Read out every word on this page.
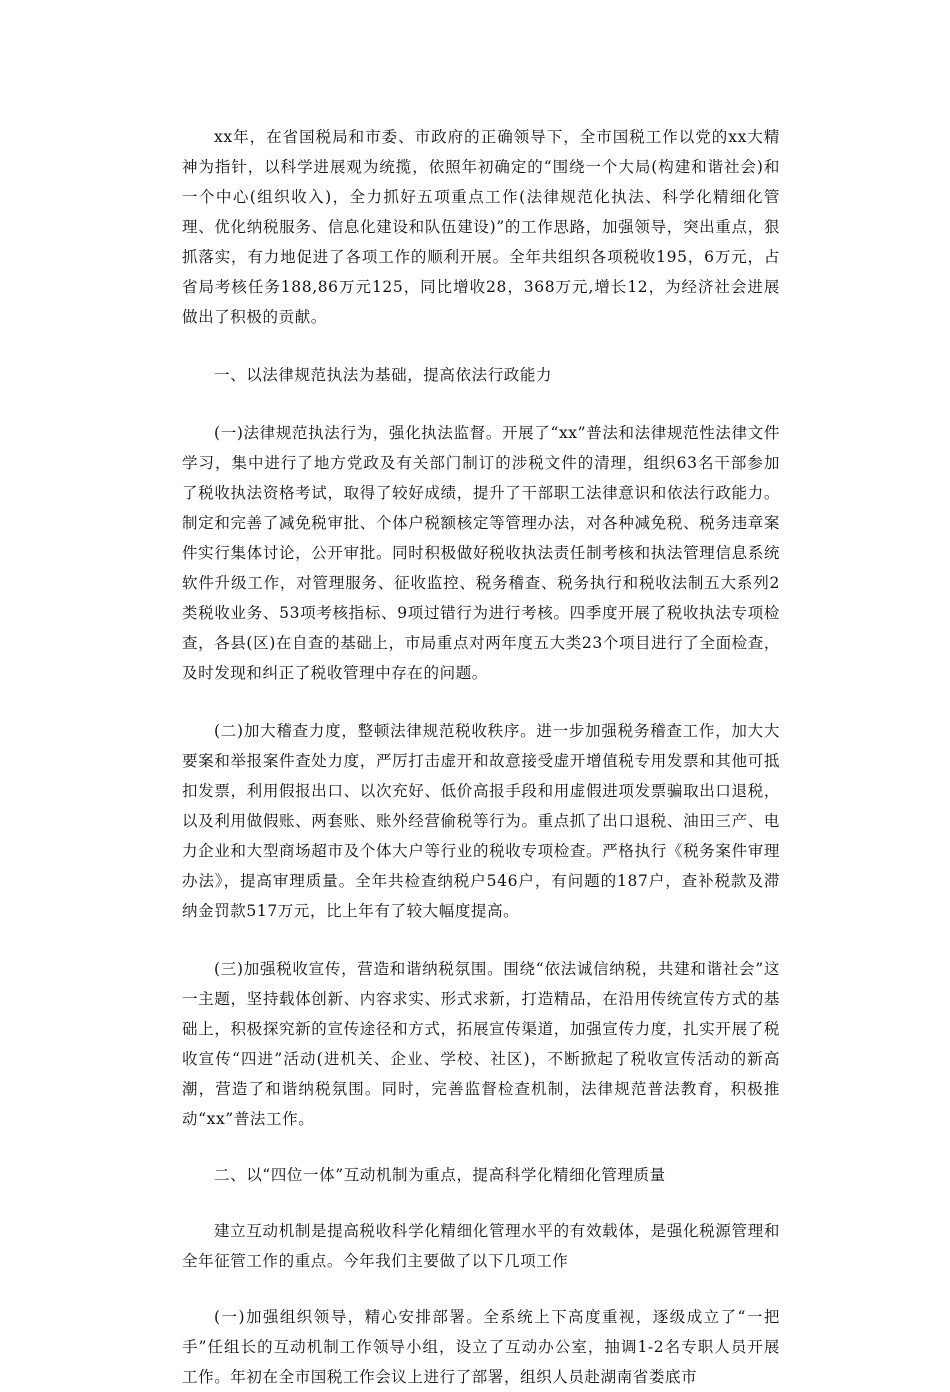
xx年，在省国税局和市委、市政府的正确领导下，全市国税工作以党的xx大精神为指针，以科学进展观为统揽，依照年初确定的“围绕一个大局(构建和谐社会)和一个中心(组织收入)，全力抓好五项重点工作(法律规范化执法、科学化精细化管理、优化纳税服务、信息化建设和队伍建设)”的工作思路，加强领导，突出重点，狠抓落实，有力地促进了各项工作的顺利开展。全年共组织各项税收195，6万元，占省局考核任务188,86万元125，同比增收28，368万元,增长12，为经济社会进展做出了积极的贡献。

一、以法律规范执法为基础，提高依法行政能力

(一)法律规范执法行为，强化执法监督。开展了“xx”普法和法律规范性法律文件学习，集中进行了地方党政及有关部门制订的涉税文件的清理，组织63名干部参加了税收执法资格考试，取得了较好成绩，提升了干部职工法律意识和依法行政能力。制定和完善了减免税审批、个体户税额核定等管理办法，对各种减免税、税务违章案件实行集体讨论，公开审批。同时积极做好税收执法责任制考核和执法管理信息系统软件升级工作，对管理服务、征收监控、税务稽查、税务执行和税收法制五大系列2类税收业务、53项考核指标、9项过错行为进行考核。四季度开展了税收执法专项检查，各县(区)在自查的基础上，市局重点对两年度五大类23个项目进行了全面检查，及时发现和纠正了税收管理中存在的问题。

(二)加大稽查力度，整顿法律规范税收秩序。进一步加强税务稽查工作，加大大要案和举报案件查处力度，严厉打击虚开和故意接受虚开增值税专用发票和其他可抵扣发票，利用假报出口、以次充好、低价高报手段和用虚假进项发票骗取出口退税，以及利用做假账、两套账、账外经营偷税等行为。重点抓了出口退税、油田三产、电力企业和大型商场超市及个体大户等行业的税收专项检查。严格执行《税务案件审理办法》，提高审理质量。全年共检查纳税户546户，有问题的187户，查补税款及滞纳金罚款517万元，比上年有了较大幅度提高。

(三)加强税收宣传，营造和谐纳税氛围。围绕“依法诚信纳税，共建和谐社会”这一主题，坚持载体创新、内容求实、形式求新，打造精品，在沿用传统宣传方式的基础上，积极探究新的宣传途径和方式，拓展宣传渠道，加强宣传力度，扎实开展了税收宣传“四进”活动(进机关、企业、学校、社区)，不断掀起了税收宣传活动的新高潮，营造了和谐纳税氛围。同时，完善监督检查机制，法律规范普法教育，积极推动“xx”普法工作。

二、以“四位一体”互动机制为重点，提高科学化精细化管理质量

建立互动机制是提高税收科学化精细化管理水平的有效载体，是强化税源管理和全年征管工作的重点。今年我们主要做了以下几项工作

(一)加强组织领导，精心安排部署。全系统上下高度重视，逐级成立了“一把手”任组长的互动机制工作领导小组，设立了互动办公室，抽调1-2名专职人员开展工作。年初在全市国税工作会议上进行了部署，组织人员赴湖南省娄底市
